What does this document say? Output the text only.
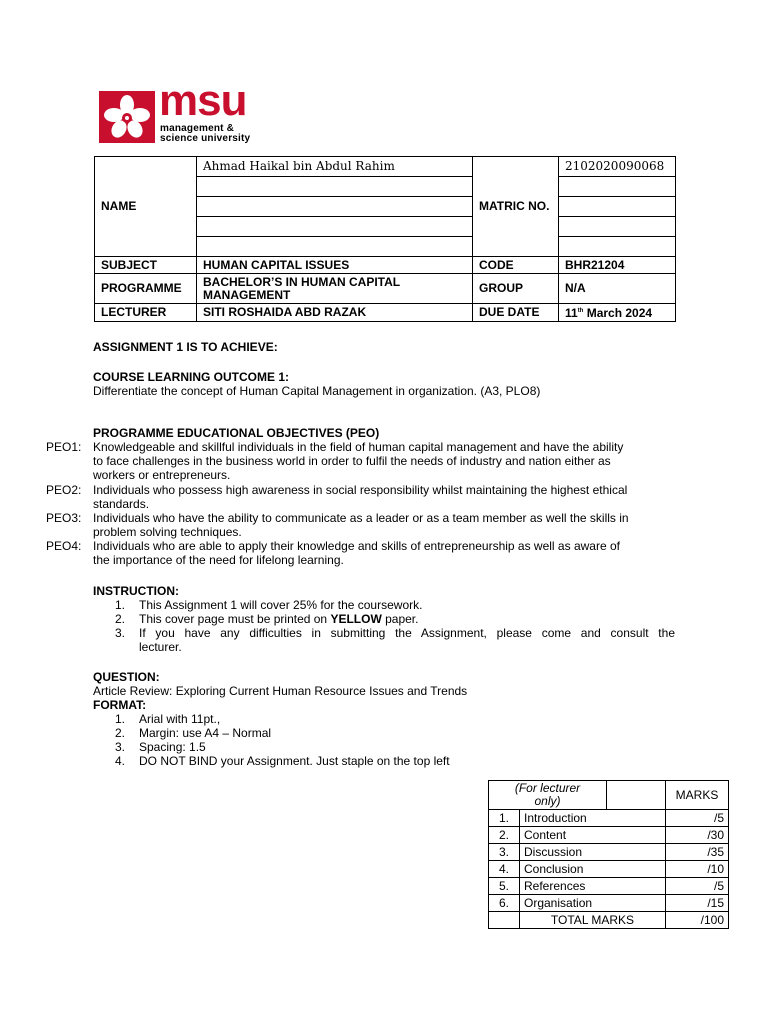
msu
management &
science university
NAME	Ahmad Haikal bin Abdul Rahim	MATRIC NO.	2102020090068

SUBJECT	HUMAN CAPITAL ISSUES	CODE	BHR21204
PROGRAMME	BACHELOR’S IN HUMAN CAPITAL MANAGEMENT	GROUP	N/A
LECTURER	SITI ROSHAIDA ABD RAZAK	DUE DATE	11th March 2024
ASSIGNMENT 1 IS TO ACHIEVE:
COURSE LEARNING OUTCOME 1:
Differentiate the concept of Human Capital Management in organization. (A3, PLO8)
PROGRAMME EDUCATIONAL OBJECTIVES (PEO)
PEO1: Knowledgeable and skillful individuals in the field of human capital management and have the ability
to face challenges in the business world in order to fulfil the needs of industry and nation either as
workers or entrepreneurs.
PEO2: Individuals who possess high awareness in social responsibility whilst maintaining the highest ethical
standards.
PEO3: Individuals who have the ability to communicate as a leader or as a team member as well the skills in
problem solving techniques.
PEO4: Individuals who are able to apply their knowledge and skills of entrepreneurship as well as aware of
the importance of the need for lifelong learning.
INSTRUCTION:
1. This Assignment 1 will cover 25% for the coursework.
2. This cover page must be printed on YELLOW paper.
3. If you have any difficulties in submitting the Assignment, please come and consult the
lecturer.
QUESTION:
Article Review: Exploring Current Human Resource Issues and Trends
FORMAT:
1. Arial with 11pt.,
2. Margin: use A4 – Normal
3. Spacing: 1.5
4. DO NOT BIND your Assignment. Just staple on the top left
(For lecturer
only)			MARKS
1.	Introduction		/5
2.	Content		/30
3.	Discussion		/35
4.	Conclusion		/10
5.	References		/5
6.	Organisation		/15
	TOTAL MARKS		/100
